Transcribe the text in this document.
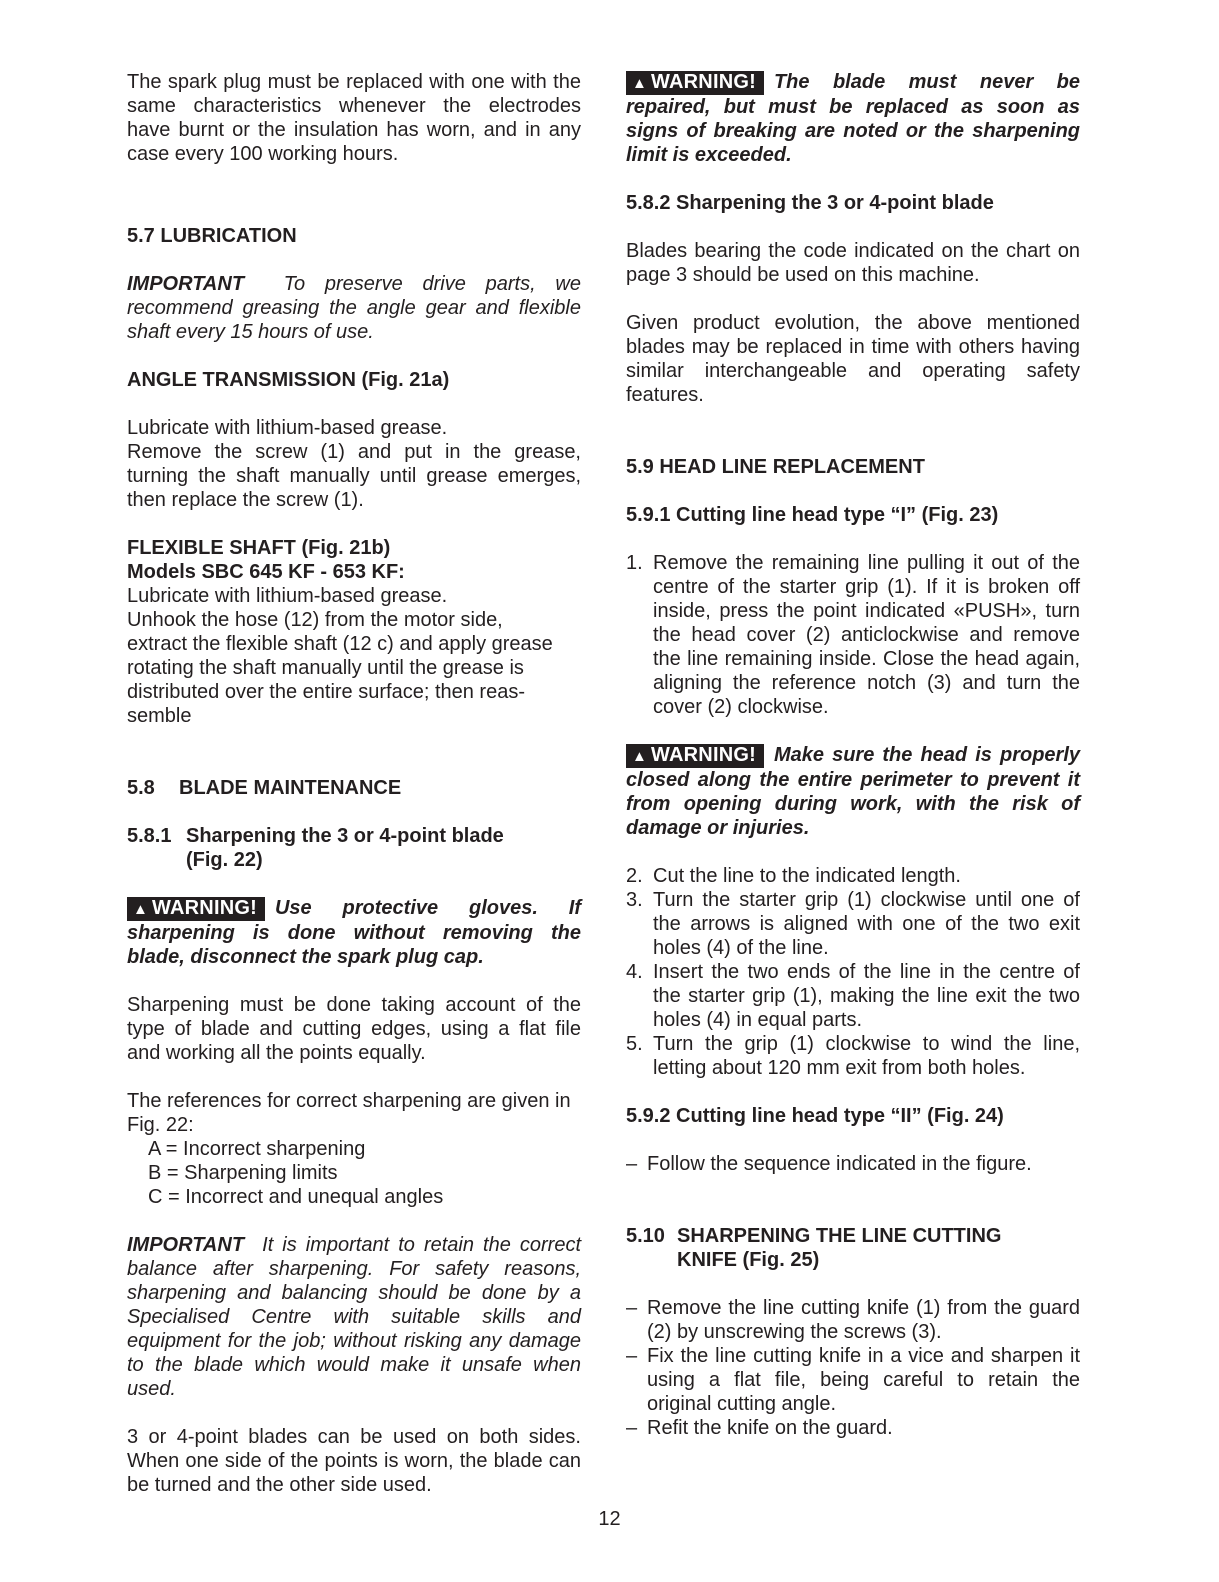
The spark plug must be replaced with one with the same characteristics whenever the electrodes have burnt or the insulation has worn, and in any case every 100 working hours.

5.7 LUBRICATION

IMPORTANT To preserve drive parts, we recommend greasing the angle gear and flexible shaft every 15 hours of use.

ANGLE TRANSMISSION (Fig. 21a)

Lubricate with lithium-based grease.

Remove the screw (1) and put in the grease, turning the shaft manually until grease emerges, then replace the screw (1).

FLEXIBLE SHAFT (Fig. 21b)

Models SBC 645 KF - 653 KF:

Lubricate with lithium-based grease.

Unhook the hose (12) from the motor side,

extract the flexible shaft (12 c) and apply grease

rotating the shaft manually until the grease is

distributed over the entire surface; then reas-

semble

5.8	BLADE MAINTENANCE

5.8.1 Sharpening the 3 or 4-point blade

(Fig. 22)

▲ WARNING! Use protective gloves. If sharpening is done without removing the blade, disconnect the spark plug cap.

Sharpening must be done taking account of the type of blade and cutting edges, using a flat file and working all the points equally.

The references for correct sharpening are given in Fig. 22:

A = Incorrect sharpening

B = Sharpening limits

C = Incorrect and unequal angles

IMPORTANT It is important to retain the correct balance after sharpening. For safety reasons, sharpening and balancing should be done by a Specialised Centre with suitable skills and equipment for the job; without risking any damage to the blade which would make it unsafe when used.

3 or 4-point blades can be used on both sides. When one side of the points is worn, the blade can be turned and the other side used.

▲ WARNING! The blade must never be repaired, but must be replaced as soon as signs of breaking are noted or the sharpening limit is exceeded.

5.8.2 Sharpening the 3 or 4-point blade

Blades bearing the code indicated on the chart on page 3 should be used on this machine.

Given product evolution, the above mentioned blades may be replaced in time with others having similar interchangeable and operating safety features.

5.9 HEAD LINE REPLACEMENT

5.9.1 Cutting line head type “I” (Fig. 23)

1. Remove the remaining line pulling it out of the centre of the starter grip (1). If it is broken off inside, press the point indicated «PUSH», turn the head cover (2) anticlockwise and remove the line remaining inside. Close the head again, aligning the reference notch (3) and turn the cover (2) clockwise.

▲ WARNING! Make sure the head is properly closed along the entire perimeter to prevent it from opening during work, with the risk of damage or injuries.

2. Cut the line to the indicated length.
3. Turn the starter grip (1) clockwise until one of the arrows is aligned with one of the two exit holes (4) of the line.
4. Insert the two ends of the line in the centre of the starter grip (1), making the line exit the two holes (4) in equal parts.
5. Turn the grip (1) clockwise to wind the line, letting about 120 mm exit from both holes.

5.9.2 Cutting line head type “II” (Fig. 24)

– Follow the sequence indicated in the figure.

5.10 SHARPENING THE LINE CUTTING

KNIFE (Fig. 25)

– Remove the line cutting knife (1) from the guard (2) by unscrewing the screws (3).
– Fix the line cutting knife in a vice and sharpen it using a flat file, being careful to retain the original cutting angle.
– Refit the knife on the guard.
12
